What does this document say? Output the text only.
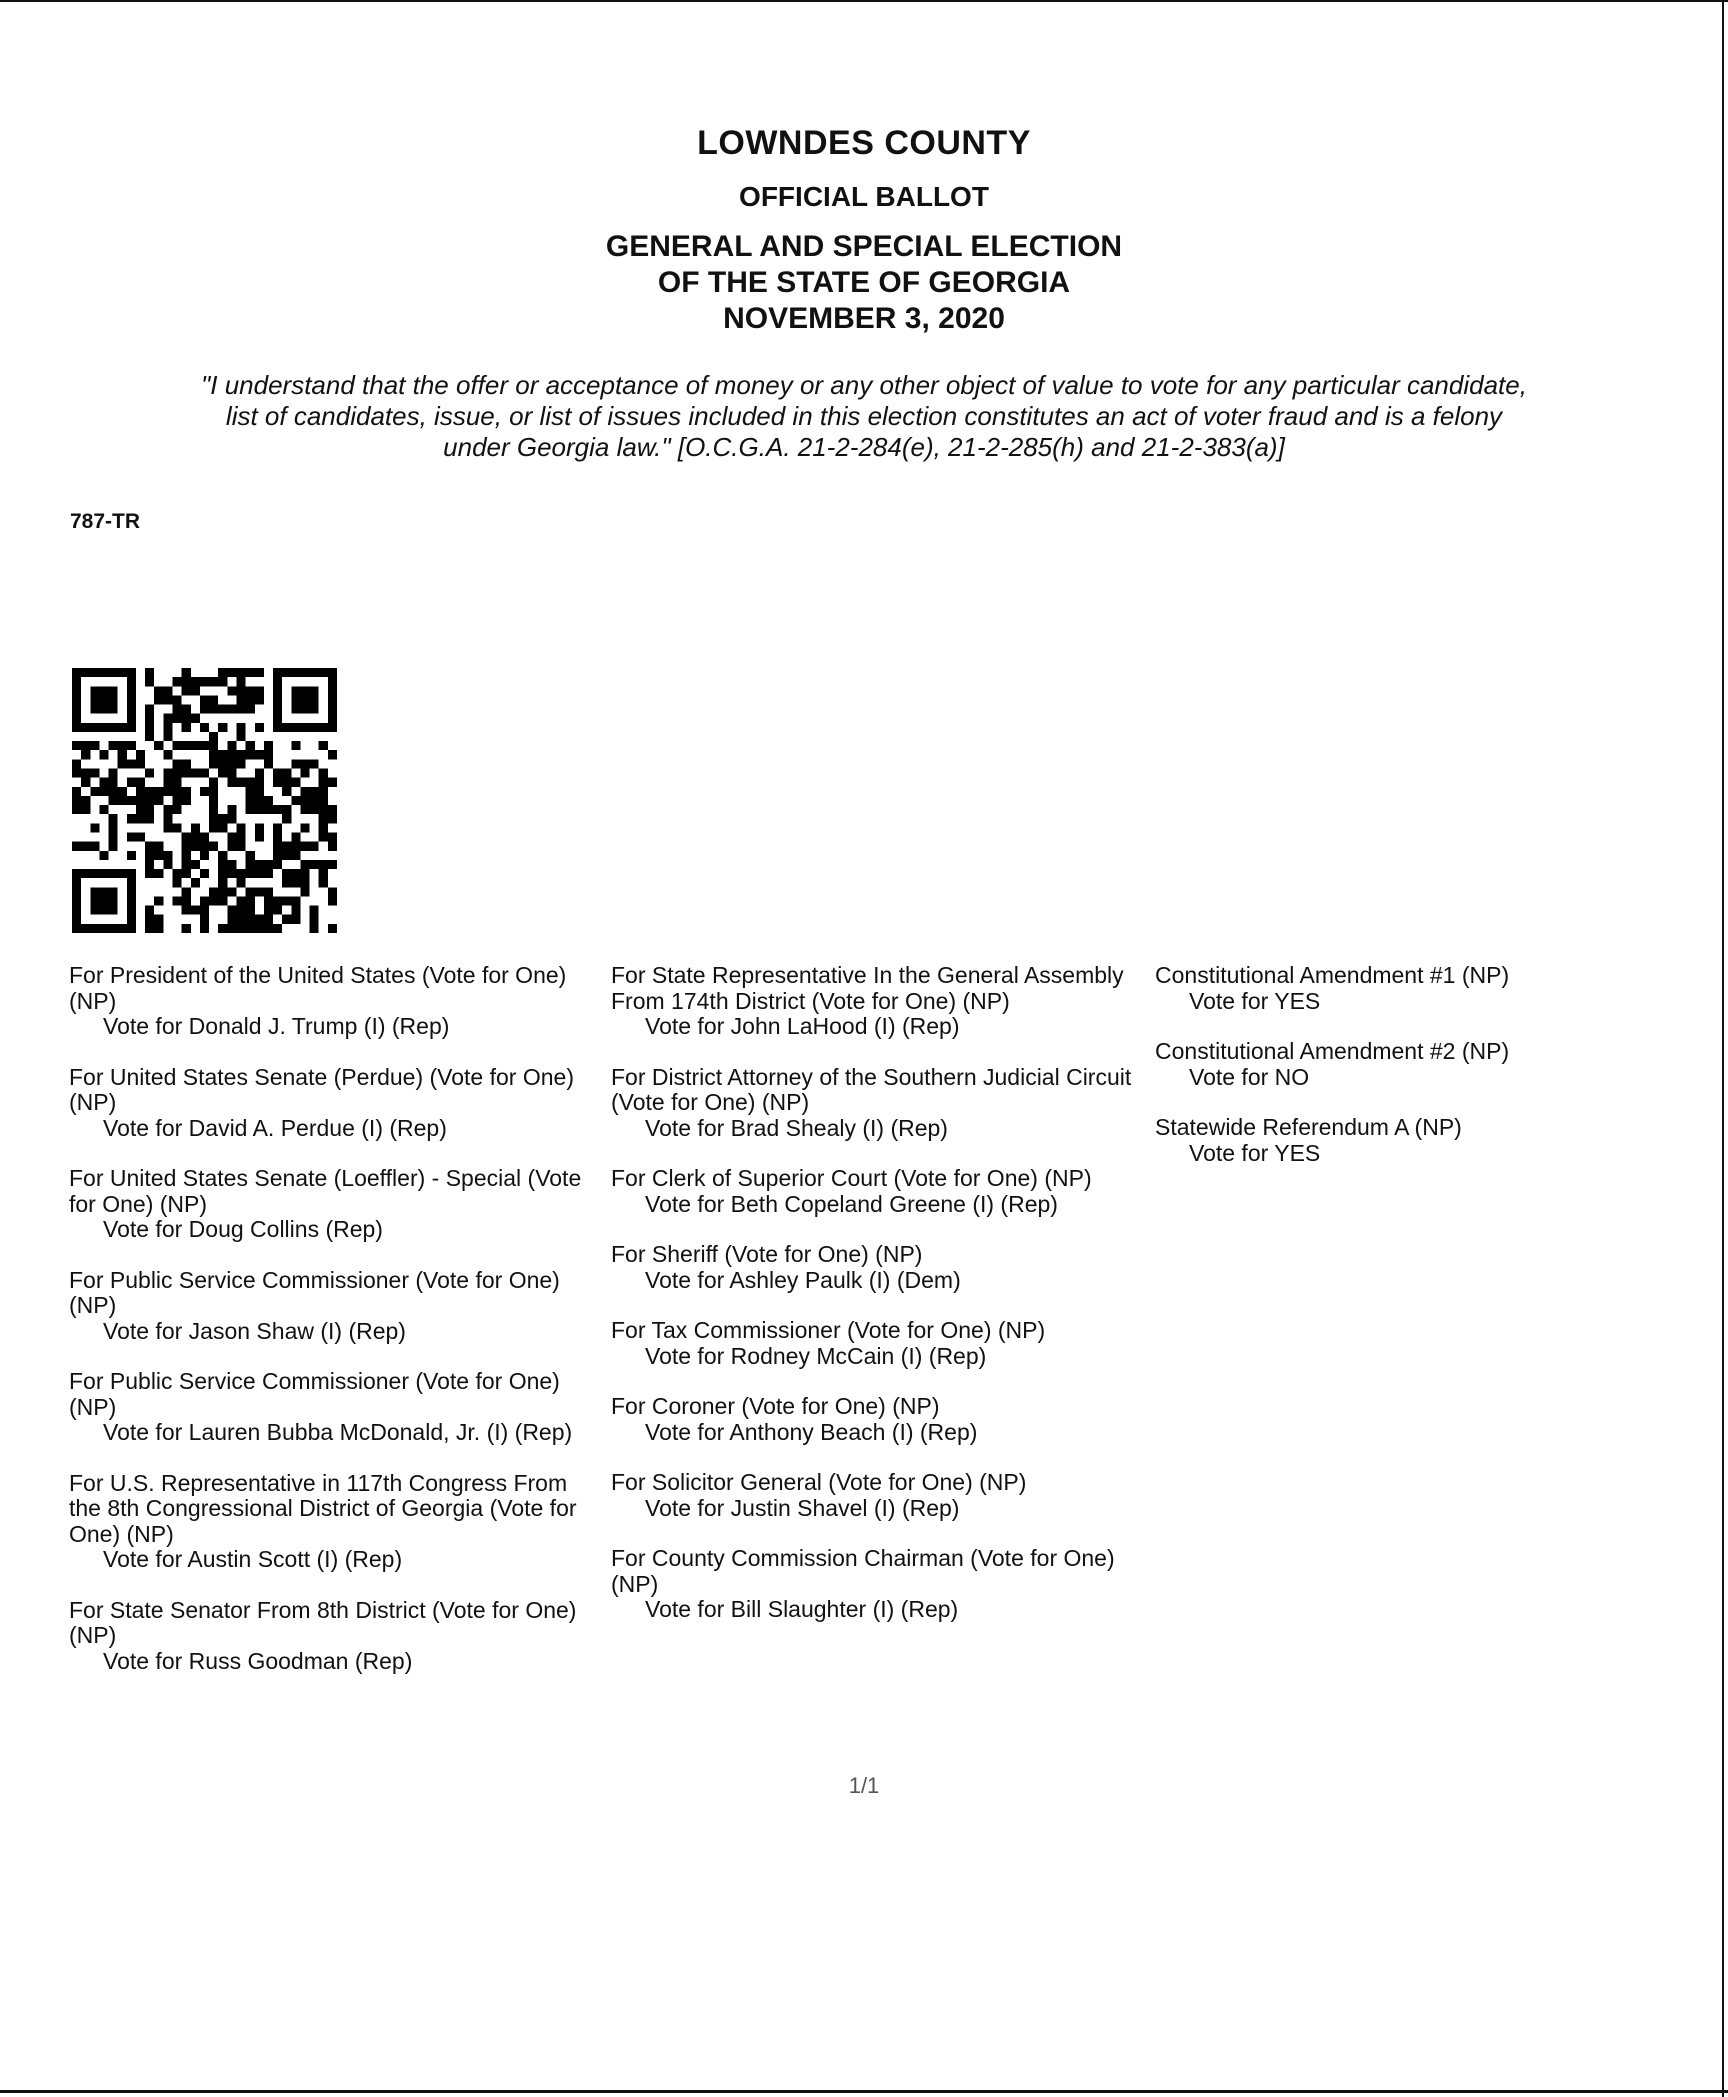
LOWNDES COUNTY
OFFICIAL BALLOT
GENERAL AND SPECIAL ELECTION
OF THE STATE OF GEORGIA
NOVEMBER 3, 2020
"I understand that the offer or acceptance of money or any other object of value to vote for any particular candidate,
list of candidates, issue, or list of issues included in this election constitutes an act of voter fraud and is a felony
under Georgia law." [O.C.G.A. 21-2-284(e), 21-2-285(h) and 21-2-383(a)]
787-TR
For President of the United States (Vote for One) (NP)
Vote for Donald J. Trump (I) (Rep)
For United States Senate (Perdue) (Vote for One) (NP)
Vote for David A. Perdue (I) (Rep)
For United States Senate (Loeffler) - Special (Vote for One) (NP)
Vote for Doug Collins (Rep)
For Public Service Commissioner (Vote for One) (NP)
Vote for Jason Shaw (I) (Rep)
For Public Service Commissioner (Vote for One) (NP)
Vote for Lauren Bubba McDonald, Jr. (I) (Rep)
For U.S. Representative in 117th Congress From the 8th Congressional District of Georgia (Vote for One) (NP)
Vote for Austin Scott (I) (Rep)
For State Senator From 8th District (Vote for One) (NP)
Vote for Russ Goodman (Rep)
For State Representative In the General Assembly From 174th District (Vote for One) (NP)
Vote for John LaHood (I) (Rep)
For District Attorney of the Southern Judicial Circuit (Vote for One) (NP)
Vote for Brad Shealy (I) (Rep)
For Clerk of Superior Court (Vote for One) (NP)
Vote for Beth Copeland Greene (I) (Rep)
For Sheriff (Vote for One) (NP)
Vote for Ashley Paulk (I) (Dem)
For Tax Commissioner (Vote for One) (NP)
Vote for Rodney McCain (I) (Rep)
For Coroner (Vote for One) (NP)
Vote for Anthony Beach (I) (Rep)
For Solicitor General (Vote for One) (NP)
Vote for Justin Shavel (I) (Rep)
For County Commission Chairman (Vote for One) (NP)
Vote for Bill Slaughter (I) (Rep)
Constitutional Amendment #1 (NP)
Vote for YES
Constitutional Amendment #2 (NP)
Vote for NO
Statewide Referendum A (NP)
Vote for YES
1/1
